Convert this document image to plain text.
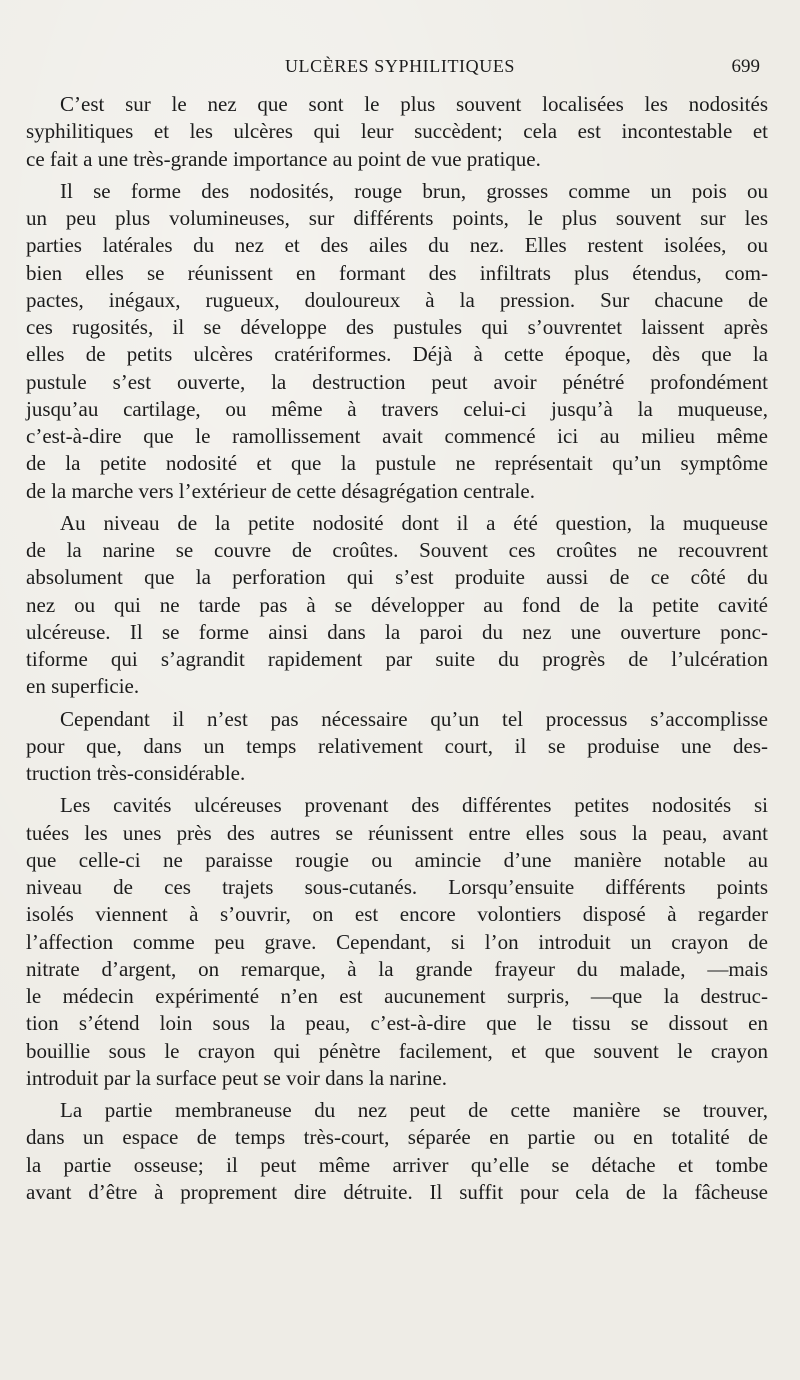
ULCÈRES SYPHILITIQUES	699
C’est sur le nez que sont le plus souvent localisées les nodosités
syphilitiques et les ulcères qui leur succèdent; cela est incontestable et
ce fait a une très-grande importance au point de vue pratique.
Il se forme des nodosités, rouge brun, grosses comme un pois ou
un peu plus volumineuses, sur différents points, le plus souvent sur les
parties latérales du nez et des ailes du nez. Elles restent isolées, ou
bien elles se réunissent en formant des infiltrats plus étendus, com-
pactes, inégaux, rugueux, douloureux à la pression. Sur chacune de
ces rugosités, il se développe des pustules qui s’ouvrentet laissent après
elles de petits ulcères cratériformes. Déjà à cette époque, dès que la
pustule s’est ouverte, la destruction peut avoir pénétré profondément
jusqu’au cartilage, ou même à travers celui-ci jusqu’à la muqueuse,
c’est-à-dire que le ramollissement avait commencé ici au milieu même
de la petite nodosité et que la pustule ne représentait qu’un symptôme
de la marche vers l’extérieur de cette désagrégation centrale.
Au niveau de la petite nodosité dont il a été question, la muqueuse
de la narine se couvre de croûtes. Souvent ces croûtes ne recouvrent
absolument que la perforation qui s’est produite aussi de ce côté du
nez ou qui ne tarde pas à se développer au fond de la petite cavité
ulcéreuse. Il se forme ainsi dans la paroi du nez une ouverture ponc-
tiforme qui s’agrandit rapidement par suite du progrès de l’ulcération
en superficie.
Cependant il n’est pas nécessaire qu’un tel processus s’accomplisse
pour que, dans un temps relativement court, il se produise une des-
truction très-considérable.
Les cavités ulcéreuses provenant des différentes petites nodosités si
tuées les unes près des autres se réunissent entre elles sous la peau, avant
que celle-ci ne paraisse rougie ou amincie d’une manière notable au
niveau de ces trajets sous-cutanés. Lorsqu’ensuite différents points
isolés viennent à s’ouvrir, on est encore volontiers disposé à regarder
l’affection comme peu grave. Cependant, si l’on introduit un crayon de
nitrate d’argent, on remarque, à la grande frayeur du malade, —mais
le médecin expérimenté n’en est aucunement surpris, —que la destruc-
tion s’étend loin sous la peau, c’est-à-dire que le tissu se dissout en
bouillie sous le crayon qui pénètre facilement, et que souvent le crayon
introduit par la surface peut se voir dans la narine.
La partie membraneuse du nez peut de cette manière se trouver,
dans un espace de temps très-court, séparée en partie ou en totalité de
la partie osseuse; il peut même arriver qu’elle se détache et tombe
avant d’être à proprement dire détruite. Il suffit pour cela de la fâcheuse
